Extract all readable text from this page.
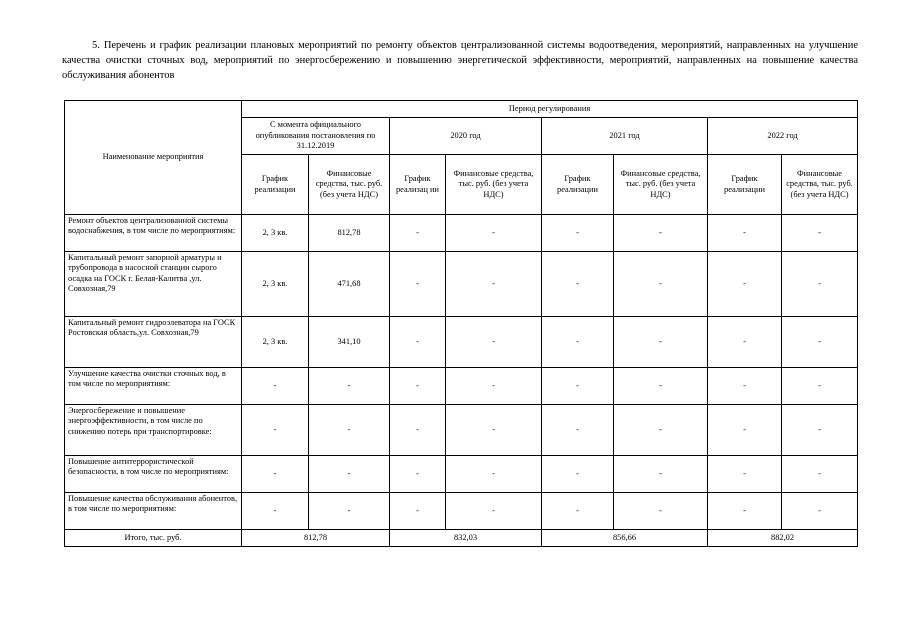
5. Перечень и график реализации плановых мероприятий по ремонту объектов централизованной системы водоотведения, мероприятий, направленных на улучшение качества очистки сточных вод, мероприятий по энергосбережению и повышению энергетической эффективности, мероприятий, направленных на повышение качества обслуживания абонентов
Наименование мероприятия	Период регулирования							
	С момента официального опубликования постановления по 31.12.2019		2020 год		2021 год		2022 год	
	График реализации	Финансовые средства, тыс. руб. (без учета НДС)	График реализац ии	Финансовые средства, тыс. руб. (без учета НДС)	График реализации	Финансовые средства, тыс. руб. (без учета НДС)	График реализации	Финансовые средства, тыс. руб. (без учета НДС)
Ремонт объектов централизованной системы водоснабжения, в том числе по мероприятиям:	2, 3 кв.	812,78	-	-	-	-	-	-
Капитальный ремонт запорной арматуры и трубопровода в насосной станции сырого осадка на ГОСК г. Белая-Калитва ,ул. Совхозная,79	2, 3 кв.	471,68	-	-	-	-	-	-
Капитальный ремонт гидроэлеватора на ГОСК Ростовская область,ул. Совхозная,79	2, 3 кв.	341,10	-	-	-	-	-	-
Улучшение качества очистки сточных вод, в том числе по мероприятиям:	-	-	-	-	-	-	-	-
Энергосбережение и повышение энергоэффективности, в том числе по снижению потерь при транспортировке:	-	-	-	-	-	-	-	-
Повышение антитеррористической безопасности, в том числе по мероприятиям:	-	-	-	-	-	-	-	-
Повышение качества обслуживания абонентов, в том числе по мероприятиям:	-	-	-	-	-	-	-	-
Итого, тыс. руб.	812,78		832,03		856,66		882,02	
